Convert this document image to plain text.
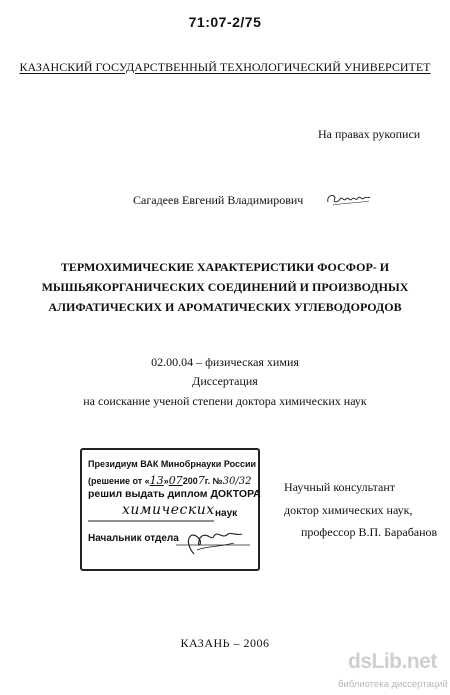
71:07-2/75
КАЗАНСКИЙ ГОСУДАРСТВЕННЫЙ ТЕХНОЛОГИЧЕСКИЙ УНИВЕРСИТЕТ
На правах рукописи
Сагадеев Евгений Владимирович
ТЕРМОХИМИЧЕСКИЕ ХАРАКТЕРИСТИКИ ФОСФОР- И
МЫШЬЯКОРГАНИЧЕСКИХ СОЕДИНЕНИЙ И ПРОИЗВОДНЫХ
АЛИФАТИЧЕСКИХ И АРОМАТИЧЕСКИХ УГЛЕВОДОРОДОВ
02.00.04 – физическая химия
Диссертация
на соискание ученой степени доктора химических наук
Президиум ВАК Минобрнауки России
(решение от «13»072007г. №30/32
решил выдать диплом ДОКТОРА
химических наук
Начальник отдела
Научный консультант
доктор химических наук,
профессор В.П. Барабанов
КАЗАНЬ – 2006
dsLib.net
библиотека диссертаций
